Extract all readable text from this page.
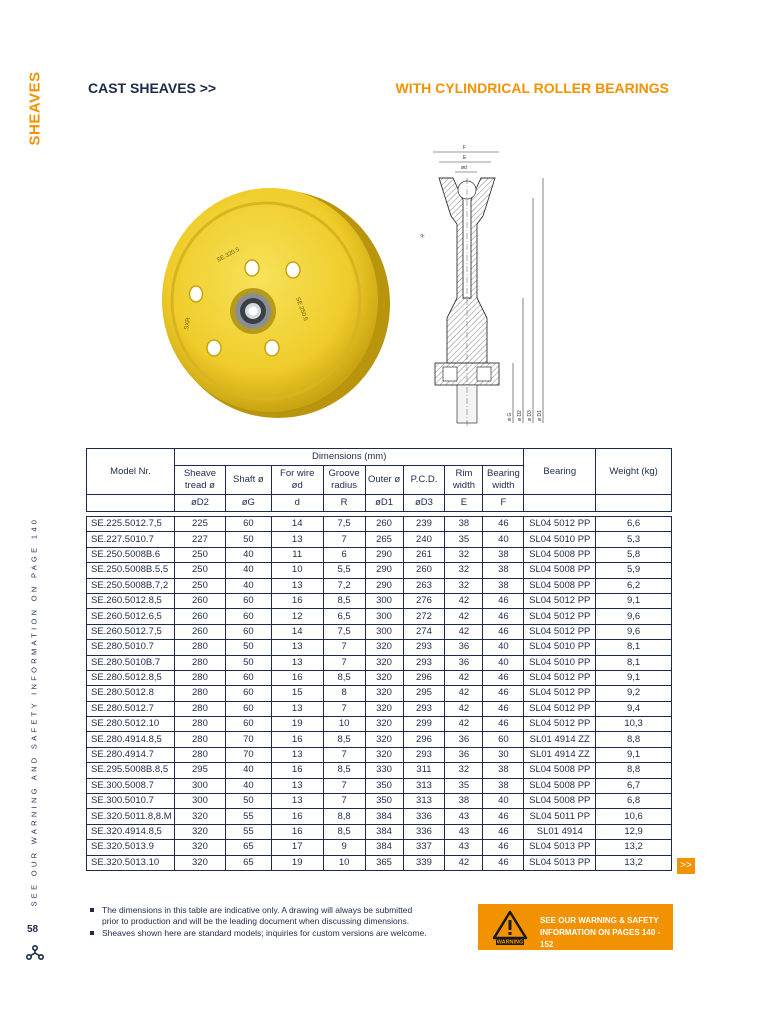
SHEAVES
SEE OUR WARNING AND SAFETY INFORMATION ON PAGE 140
58
CAST SHEAVES >>	WITH CYLINDRICAL ROLLER BEARINGS
SE.320.5
SE.250.5
SXR
F
E
ød
R
ø G ø D2 ø D3 ø D1
Model Nr.	Dimensions (mm)								Bearing	Weight (kg)
	Sheave tread ø	Shaft ø	For wire ød	Groove radius	Outer ø	P.C.D.	Rim width	Bearing width		
	øD2	øG	d	R	øD1	øD3	E	F		

SE.225.5012.7,5	225	60	14	7,5	260	239	38	46	SL04 5012 PP	6,6
SE.227.5010.7	227	50	13	7	265	240	35	40	SL04 5010 PP	5,3
SE.250.5008B.6	250	40	11	6	290	261	32	38	SL04 5008 PP	5,8
SE.250.5008B.5,5	250	40	10	5,5	290	260	32	38	SL04 5008 PP	5,9
SE.250.5008B.7,2	250	40	13	7,2	290	263	32	38	SL04 5008 PP	6,2
SE.260.5012.8,5	260	60	16	8,5	300	276	42	46	SL04 5012 PP	9,1
SE.260.5012.6,5	260	60	12	6,5	300	272	42	46	SL04 5012 PP	9,6
SE.260.5012.7,5	260	60	14	7,5	300	274	42	46	SL04 5012 PP	9,6
SE.280.5010.7	280	50	13	7	320	293	36	40	SL04 5010 PP	8,1
SE.280.5010B.7	280	50	13	7	320	293	36	40	SL04 5010 PP	8,1
SE.280.5012.8,5	280	60	16	8,5	320	296	42	46	SL04 5012 PP	9,1
SE.280.5012.8	280	60	15	8	320	295	42	46	SL04 5012 PP	9,2
SE.280.5012.7	280	60	13	7	320	293	42	46	SL04 5012 PP	9,4
SE.280.5012.10	280	60	19	10	320	299	42	46	SL04 5012 PP	10,3
SE.280.4914.8,5	280	70	16	8,5	320	296	36	60	SL01 4914 ZZ	8,8
SE.280.4914.7	280	70	13	7	320	293	36	30	SL01 4914 ZZ	9,1
SE.295.5008B.8,5	295	40	16	8,5	330	311	32	38	SL04 5008 PP	8,8
SE.300.5008.7	300	40	13	7	350	313	35	38	SL04 5008 PP	6,7
SE.300.5010.7	300	50	13	7	350	313	38	40	SL04 5008 PP	6,8
SE.320.5011.8,8.M	320	55	16	8,8	384	336	43	46	SL04 5011 PP	10,6
SE.320.4914.8,5	320	55	16	8,5	384	336	43	46	SL01 4914	12,9
SE.320.5013.9	320	65	17	9	384	337	43	46	SL04 5013 PP	13,2
SE.320.5013.10	320	65	19	10	365	339	42	46	SL04 5013 PP	13,2	>>
The dimensions in this table are indicative only. A drawing will always be submitted prior to production and will be the leading document when discussing dimensions.
Sheaves shown here are standard models; inquiries for custom versions are welcome.
WARNING
SEE OUR WARNING & SAFETY
INFORMATION ON PAGES 140 - 152
